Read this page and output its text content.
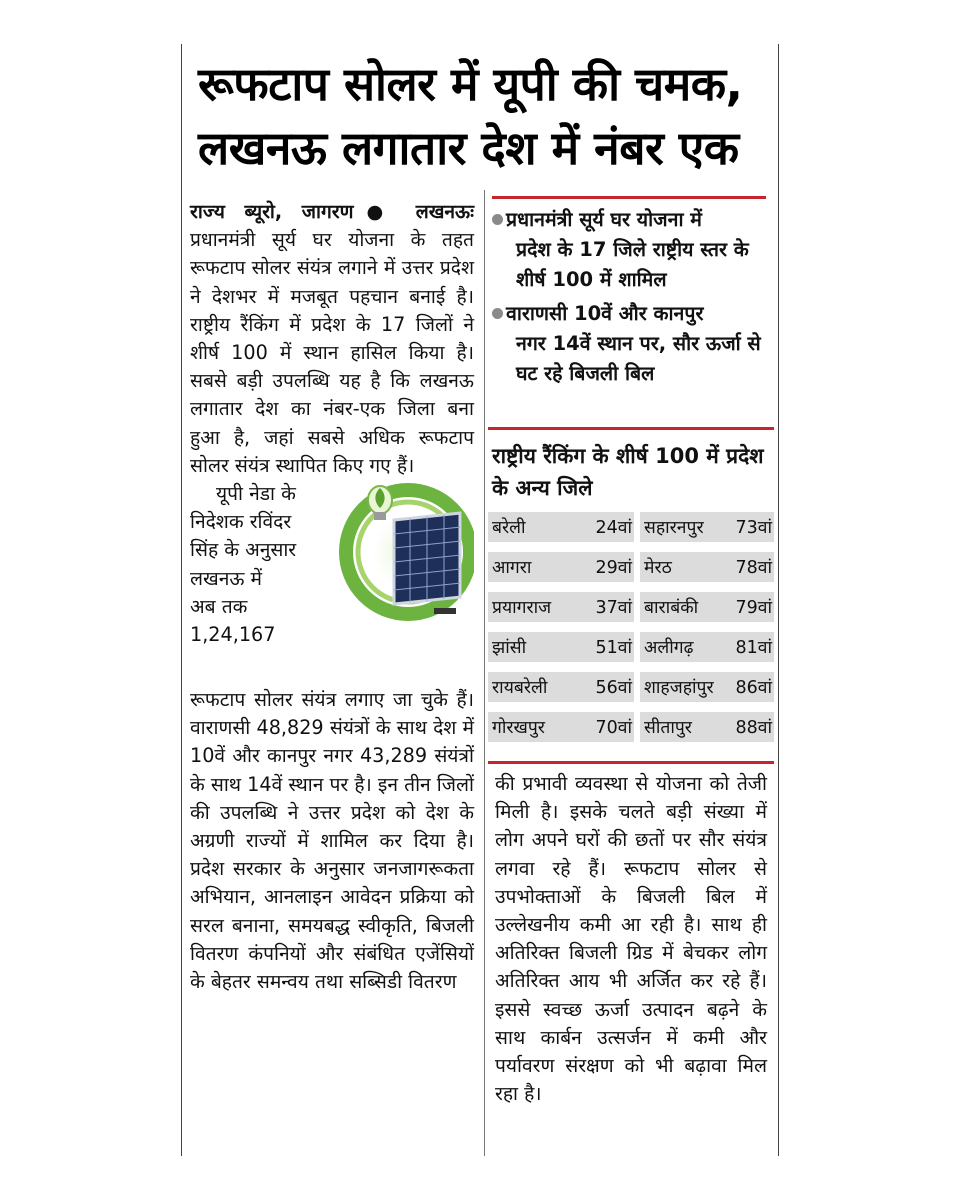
रूफटाप सोलर में यूपी की चमक,
लखनऊ लगातार देश में नंबर एक

राज्य ब्यूरो, जागरण● लखनऊः प्रधानमंत्री सूर्य घर योजना के तहत रूफटाप सोलर संयंत्र लगाने में उत्तर प्रदेश ने देशभर में मजबूत पहचान बनाई है। राष्ट्रीय रैंकिंग में प्रदेश के 17 जिलों ने शीर्ष 100 में स्थान हासिल किया है। सबसे बड़ी उपलब्धि यह है कि लखनऊ लगातार देश का नंबर-एक जिला बना हुआ है, जहां सबसे अधिक रूफटाप सोलर संयंत्र स्थापित किए गए हैं।

यूपी नेडा के
निदेशक रविंदर
सिंह के अनुसार
लखनऊ में
अब तक
1,24,167

रूफटाप सोलर संयंत्र लगाए जा चुके हैं। वाराणसी 48,829 संयंत्रों के साथ देश में 10वें और कानपुर नगर 43,289 संयंत्रों के साथ 14वें स्थान पर है। इन तीन जिलों की उपलब्धि ने उत्तर प्रदेश को देश के अग्रणी राज्यों में शामिल कर दिया है। प्रदेश सरकार के अनुसार जनजागरूकता अभियान, आनलाइन आवेदन प्रक्रिया को सरल बनाना, समयबद्ध स्वीकृति, बिजली वितरण कंपनियों और संबंधित एजेंसियों के बेहतर समन्वय तथा सब्सिडी वितरण

प्रधानमंत्री सूर्य घर योजना में
प्रदेश के 17 जिले राष्ट्रीय स्तर के शीर्ष 100 में शामिल

वाराणसी 10वें और कानपुर
नगर 14वें स्थान पर, सौर ऊर्जा से घट रहे बिजली बिल

राष्ट्रीय रैंकिंग के शीर्ष 100 में प्रदेश के अन्य जिले
बरेली	24वां सहारनपुर 73वां
आगरा	29वां मेरठ	78वां
प्रयागराज	37वां बाराबंकी 79वां
झांसी	51वां अलीगढ़ 81वां
रायबरेली	56वां शाहजहांपुर 86वां
गोरखपुर	70वां सीतापुर 88वां

की प्रभावी व्यवस्था से योजना को तेजी मिली है। इसके चलते बड़ी संख्या में लोग अपने घरों की छतों पर सौर संयंत्र लगवा रहे हैं। रूफटाप सोलर से उपभोक्ताओं के बिजली बिल में उल्लेखनीय कमी आ रही है। साथ ही अतिरिक्त बिजली ग्रिड में बेचकर लोग अतिरिक्त आय भी अर्जित कर रहे हैं। इससे स्वच्छ ऊर्जा उत्पादन बढ़ने के साथ कार्बन उत्सर्जन में कमी और पर्यावरण संरक्षण को भी बढ़ावा मिल रहा है।
